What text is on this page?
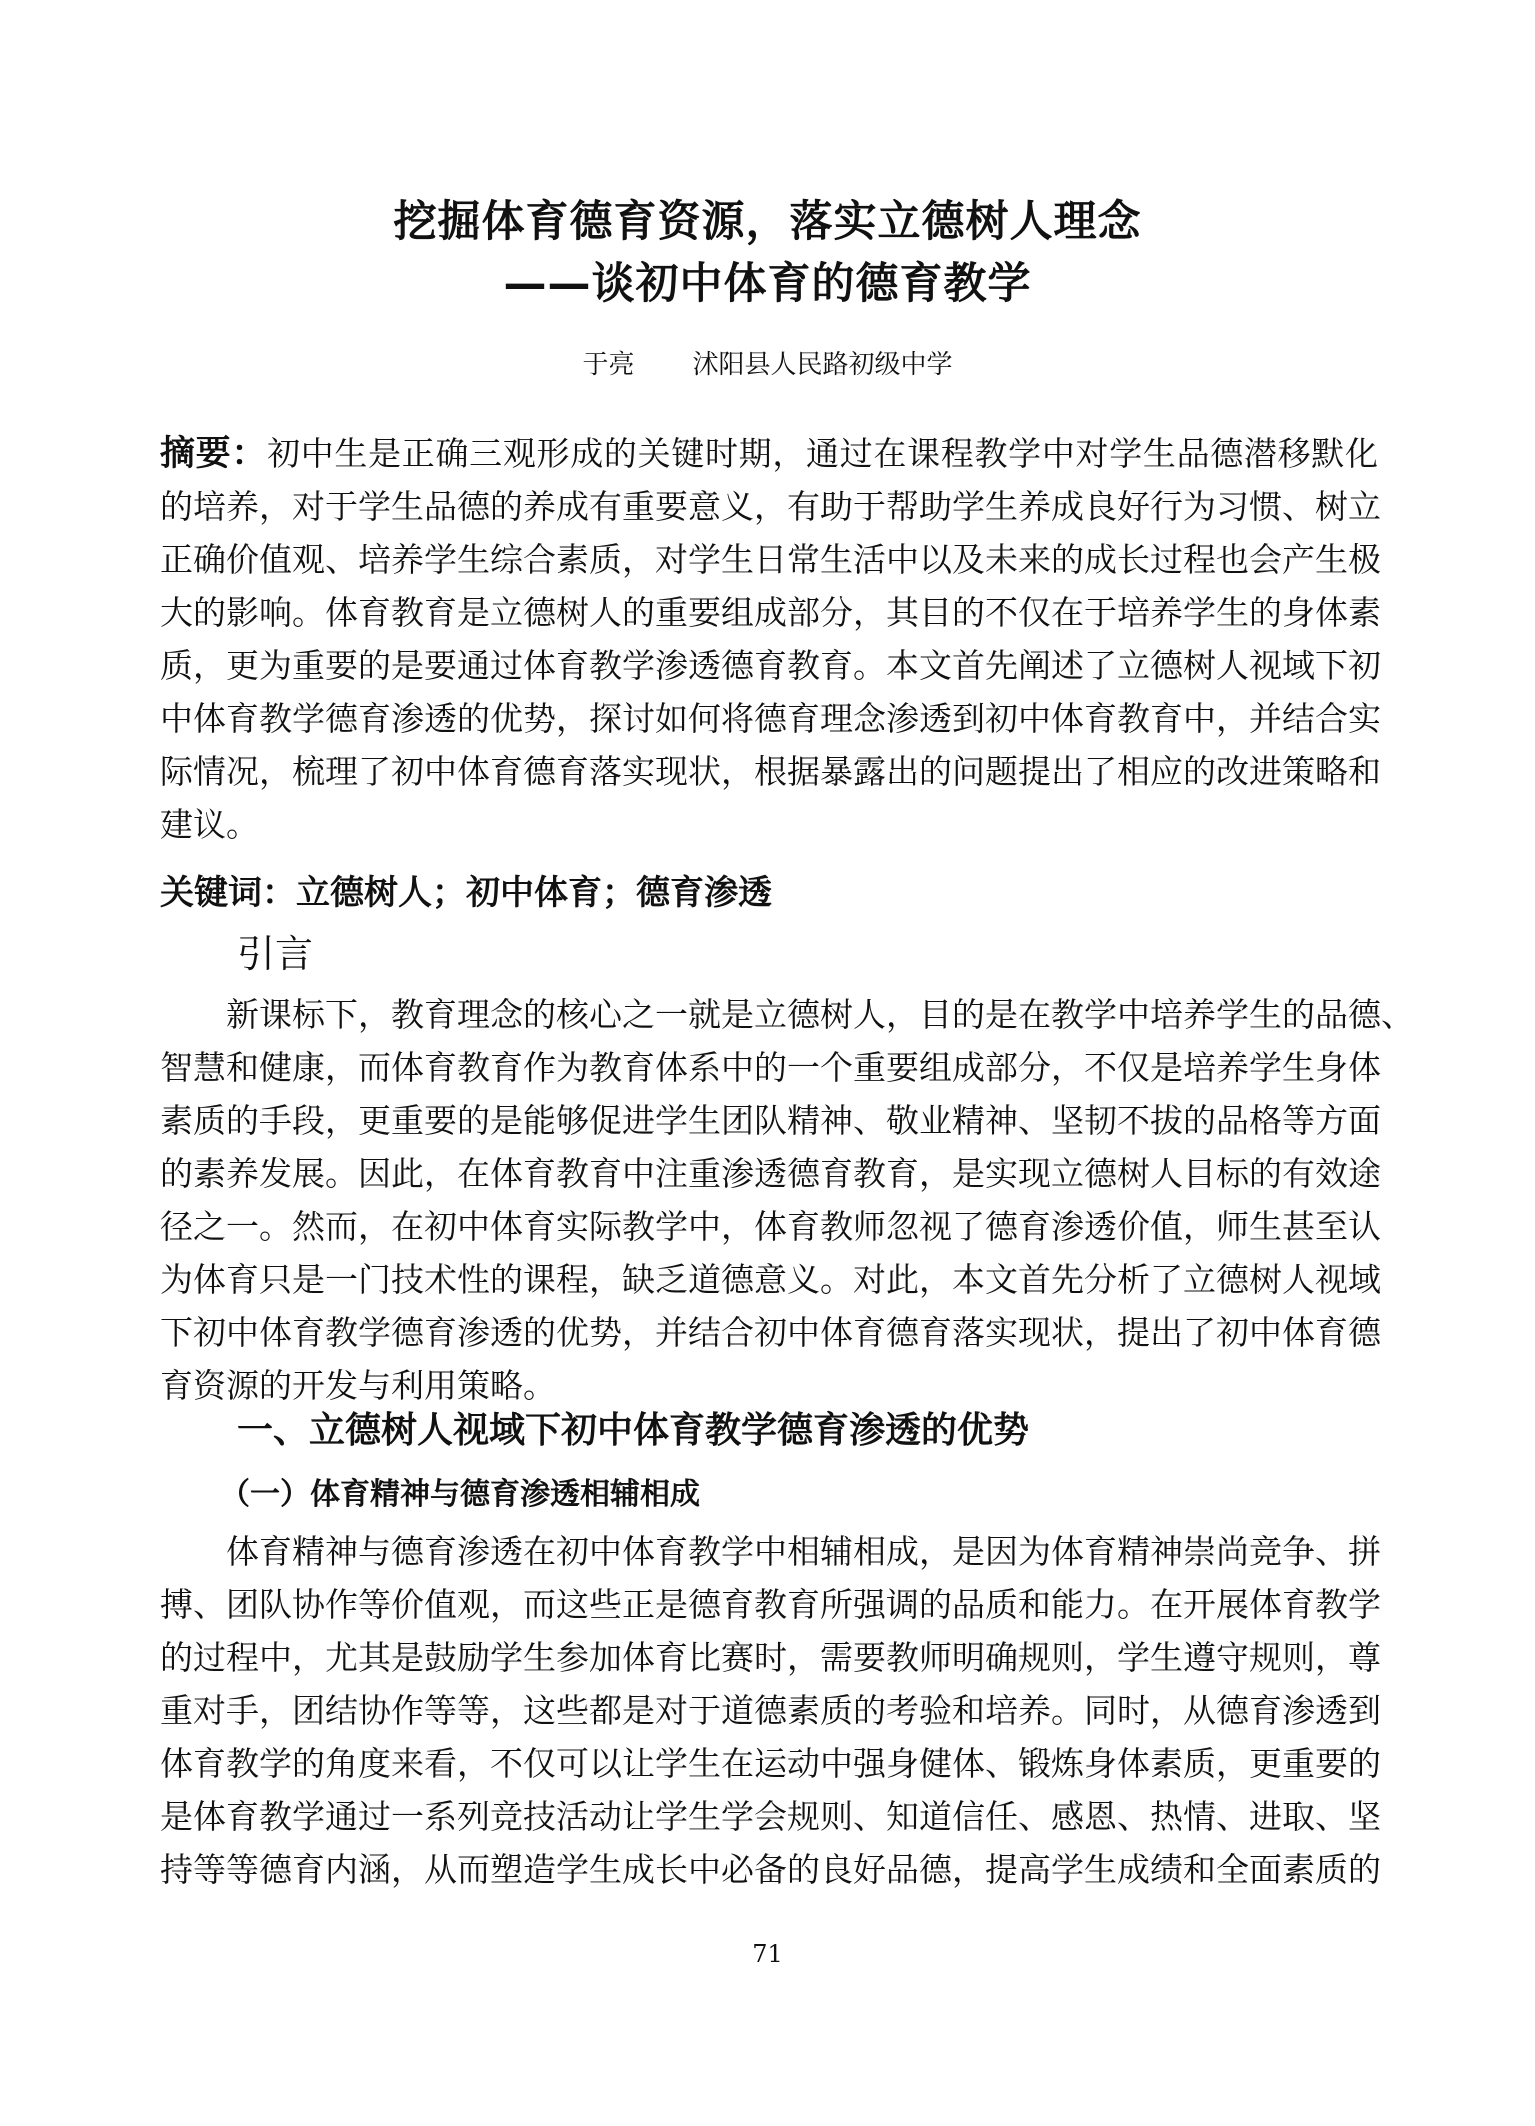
挖掘体育德育资源，落实立德树人理念
——谈初中体育的德育教学
于亮 沭阳县人民路初级中学
摘要：初中生是正确三观形成的关键时期，通过在课程教学中对学生品德潜移默化
的培养，对于学生品德的养成有重要意义，有助于帮助学生养成良好行为习惯、树立
正确价值观、培养学生综合素质，对学生日常生活中以及未来的成长过程也会产生极
大的影响。体育教育是立德树人的重要组成部分，其目的不仅在于培养学生的身体素
质，更为重要的是要通过体育教学渗透德育教育。本文首先阐述了立德树人视域下初
中体育教学德育渗透的优势，探讨如何将德育理念渗透到初中体育教育中，并结合实
际情况，梳理了初中体育德育落实现状，根据暴露出的问题提出了相应的改进策略和
建议。
关键词：立德树人；初中体育；德育渗透
引言
新课标下，教育理念的核心之一就是立德树人，目的是在教学中培养学生的品德、
智慧和健康，而体育教育作为教育体系中的一个重要组成部分，不仅是培养学生身体
素质的手段，更重要的是能够促进学生团队精神、敬业精神、坚韧不拔的品格等方面
的素养发展。因此，在体育教育中注重渗透德育教育，是实现立德树人目标的有效途
径之一。然而，在初中体育实际教学中，体育教师忽视了德育渗透价值，师生甚至认
为体育只是一门技术性的课程，缺乏道德意义。对此，本文首先分析了立德树人视域
下初中体育教学德育渗透的优势，并结合初中体育德育落实现状，提出了初中体育德
育资源的开发与利用策略。
一、立德树人视域下初中体育教学德育渗透的优势
（一）体育精神与德育渗透相辅相成
体育精神与德育渗透在初中体育教学中相辅相成，是因为体育精神崇尚竞争、拼
搏、团队协作等价值观，而这些正是德育教育所强调的品质和能力。在开展体育教学
的过程中，尤其是鼓励学生参加体育比赛时，需要教师明确规则，学生遵守规则，尊
重对手，团结协作等等，这些都是对于道德素质的考验和培养。同时，从德育渗透到
体育教学的角度来看，不仅可以让学生在运动中强身健体、锻炼身体素质，更重要的
是体育教学通过一系列竞技活动让学生学会规则、知道信任、感恩、热情、进取、坚
持等等德育内涵，从而塑造学生成长中必备的良好品德，提高学生成绩和全面素质的
71
